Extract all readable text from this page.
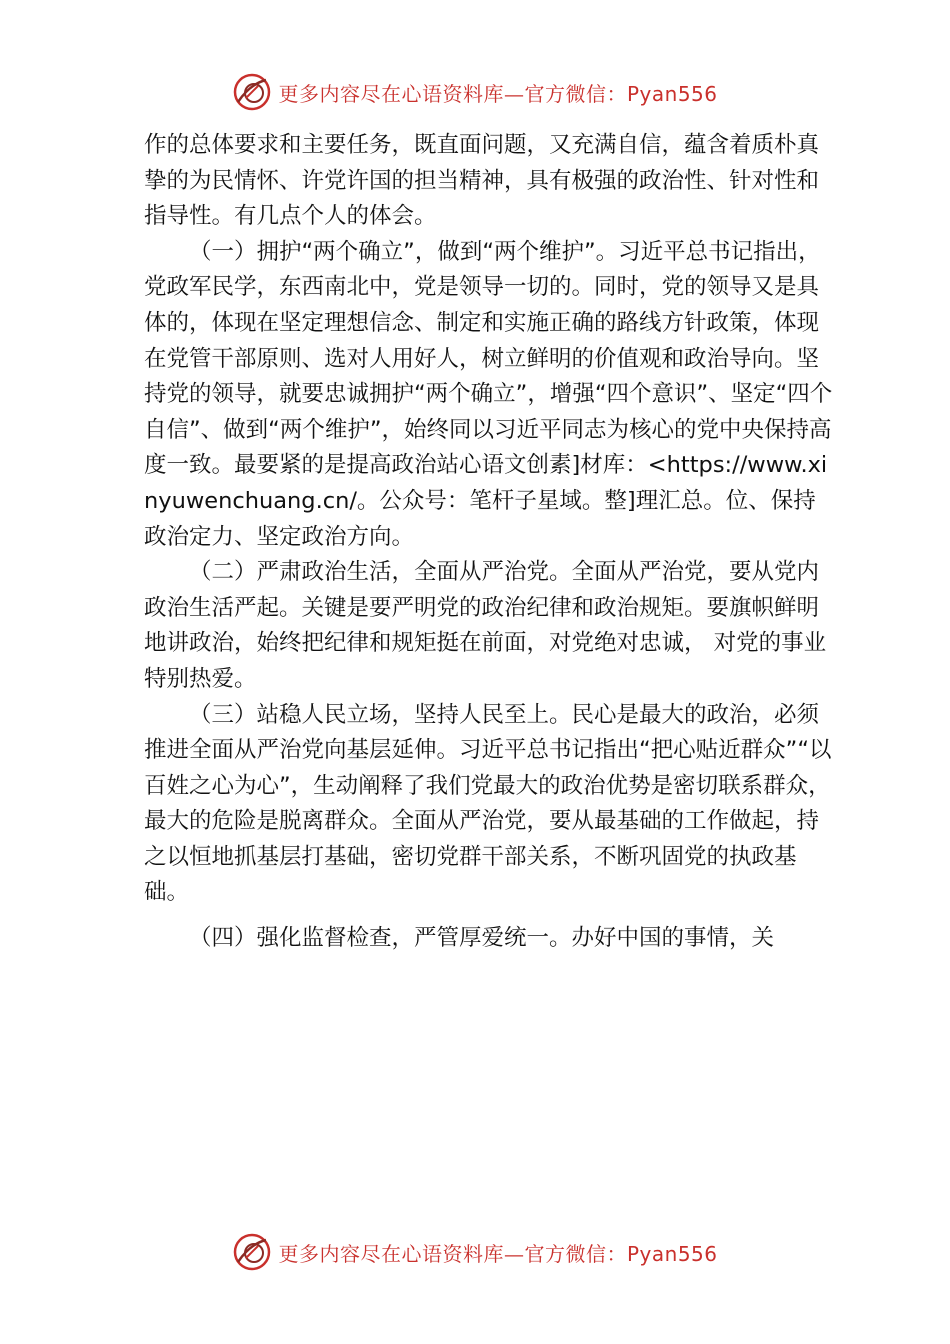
更多内容尽在心语资料库—官方微信：Pyan556

作的总体要求和主要任务，既直面问题，又充满自信，蕴含着质朴真挚的为民情怀、许党许国的担当精神，具有极强的政治性、针对性和指导性。有几点个人的体会。

（一）拥护“两个确立”，做到“两个维护”。习近平总书记指出，党政军民学，东西南北中，党是领导一切的。同时，党的领导又是具体的，体现在坚定理想信念、制定和实施正确的路线方针政策，体现在党管干部原则、选对人用好人，树立鲜明的价值观和政治导向。坚持党的领导，就要忠诚拥护“两个确立”，增强“四个意识”、坚定“四个自信”、做到“两个维护”，始终同以习近平同志为核心的党中央保持高度一致。最要紧的是提高政治站心语文创素]材库：<https://www.xinyuwenchuang.cn/。公众号：笔杆子星域。整]理汇总。位、保持政治定力、坚定政治方向。

（二）严肃政治生活，全面从严治党。全面从严治党，要从党内政治生活严起。关键是要严明党的政治纪律和政治规矩。要旗帜鲜明地讲政治，始终把纪律和规矩挺在前面，对党绝对忠诚， 对党的事业特别热爱。

（三）站稳人民立场，坚持人民至上。民心是最大的政治，必须推进全面从严治党向基层延伸。习近平总书记指出“把心贴近群众”“以百姓之心为心”，生动阐释了我们党最大的政治优势是密切联系群众，最大的危险是脱离群众。全面从严治党，要从最基础的工作做起，持之以恒地抓基层打基础，密切党群干部关系，不断巩固党的执政基础。

（四）强化监督检查，严管厚爱统一。办好中国的事情，关

更多内容尽在心语资料库—官方微信：Pyan556
